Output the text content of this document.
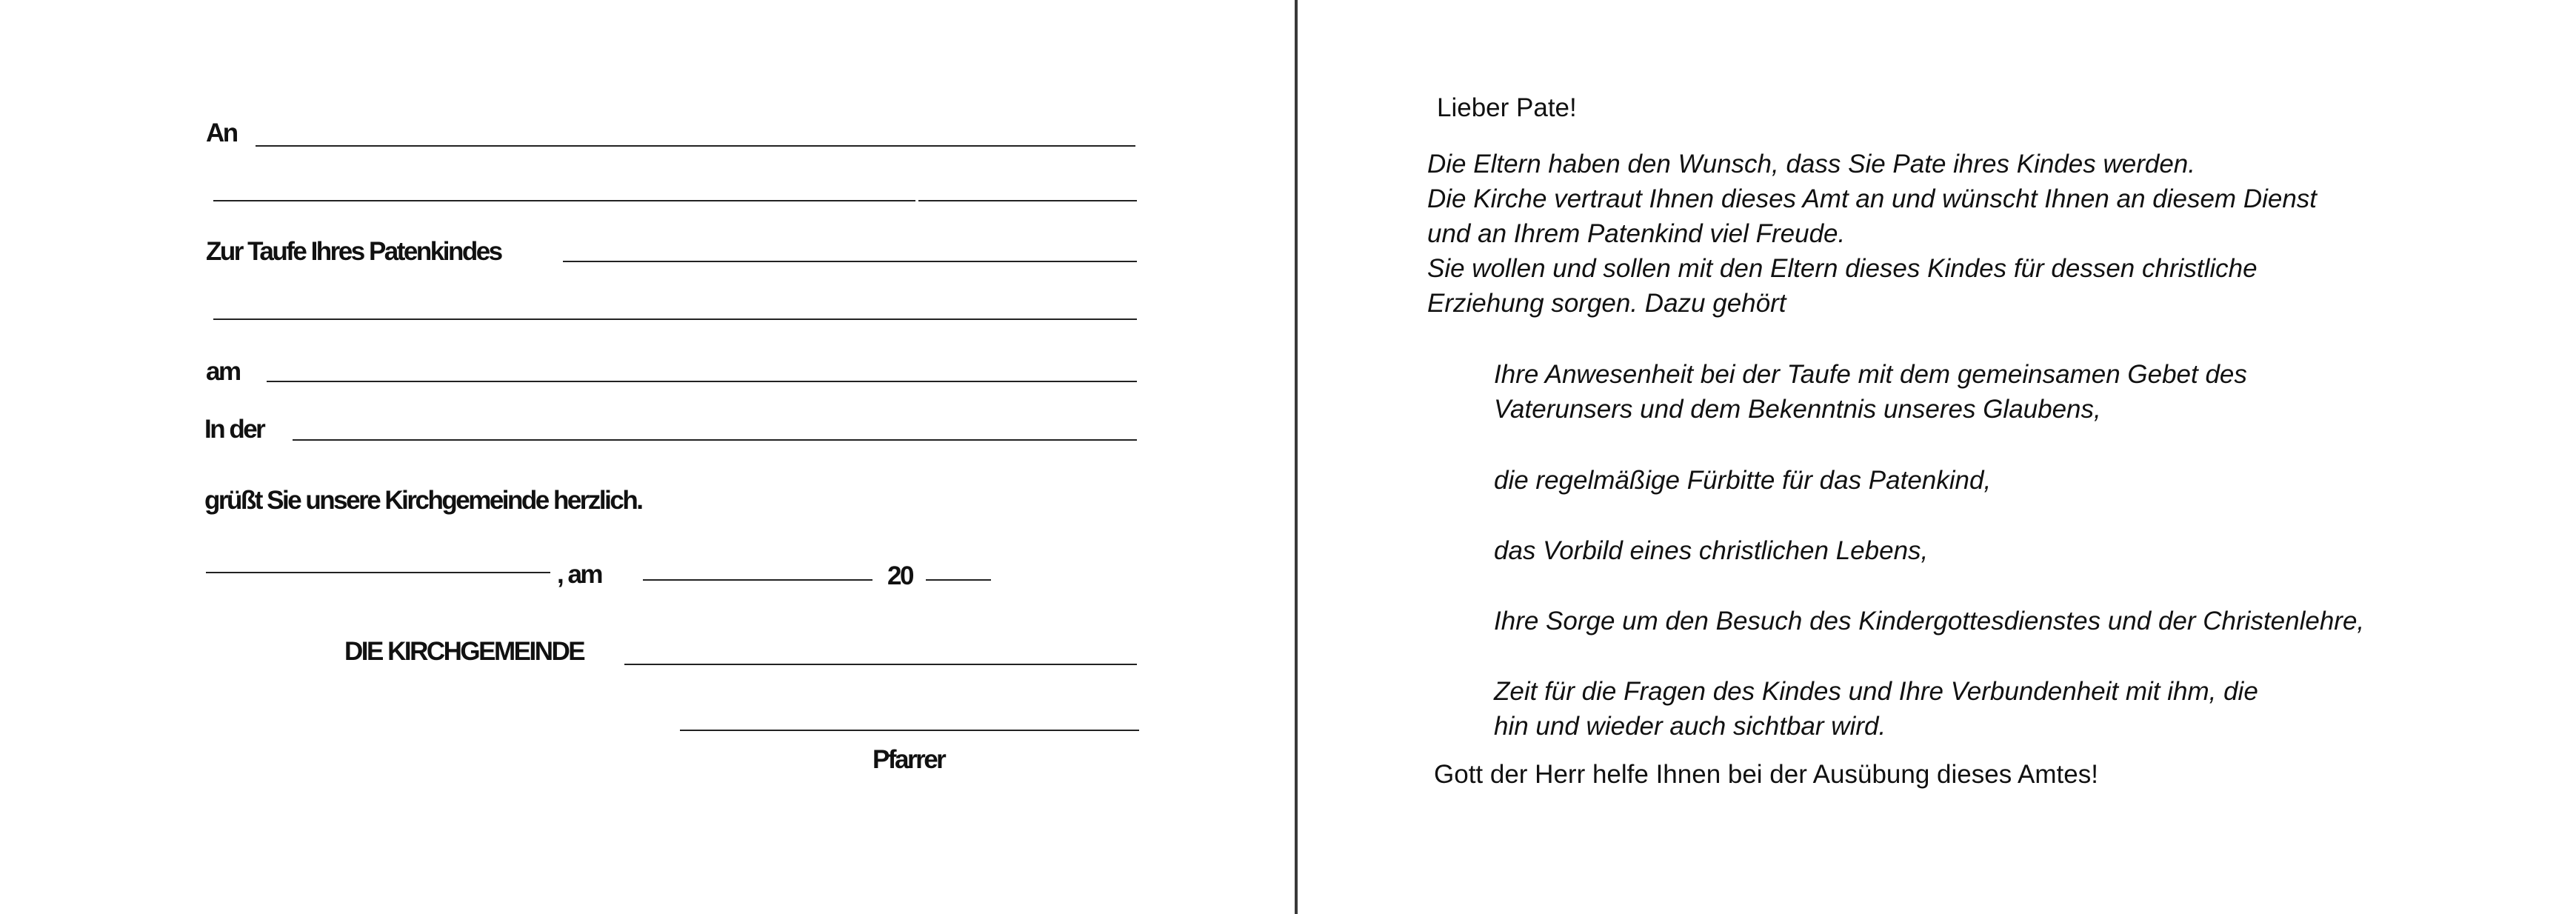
An
Zur Taufe Ihres Patenkindes
am
In der
grüßt Sie unsere Kirchgemeinde herzlich.
, am	20
DIE KIRCHGEMEINDE
Pfarrer
Lieber Pate!
Die Eltern haben den Wunsch, dass Sie Pate ihres Kindes werden.
Die Kirche vertraut Ihnen dieses Amt an und wünscht Ihnen an diesem Dienst
und an Ihrem Patenkind viel Freude.
Sie wollen und sollen mit den Eltern dieses Kindes für dessen christliche
Erziehung sorgen. Dazu gehört
Ihre Anwesenheit bei der Taufe mit dem gemeinsamen Gebet des
Vaterunsers und dem Bekenntnis unseres Glaubens,
die regelmäßige Fürbitte für das Patenkind,
das Vorbild eines christlichen Lebens,
Ihre Sorge um den Besuch des Kindergottesdienstes und der Christenlehre,
Zeit für die Fragen des Kindes und Ihre Verbundenheit mit ihm, die
hin und wieder auch sichtbar wird.
Gott der Herr helfe Ihnen bei der Ausübung dieses Amtes!
